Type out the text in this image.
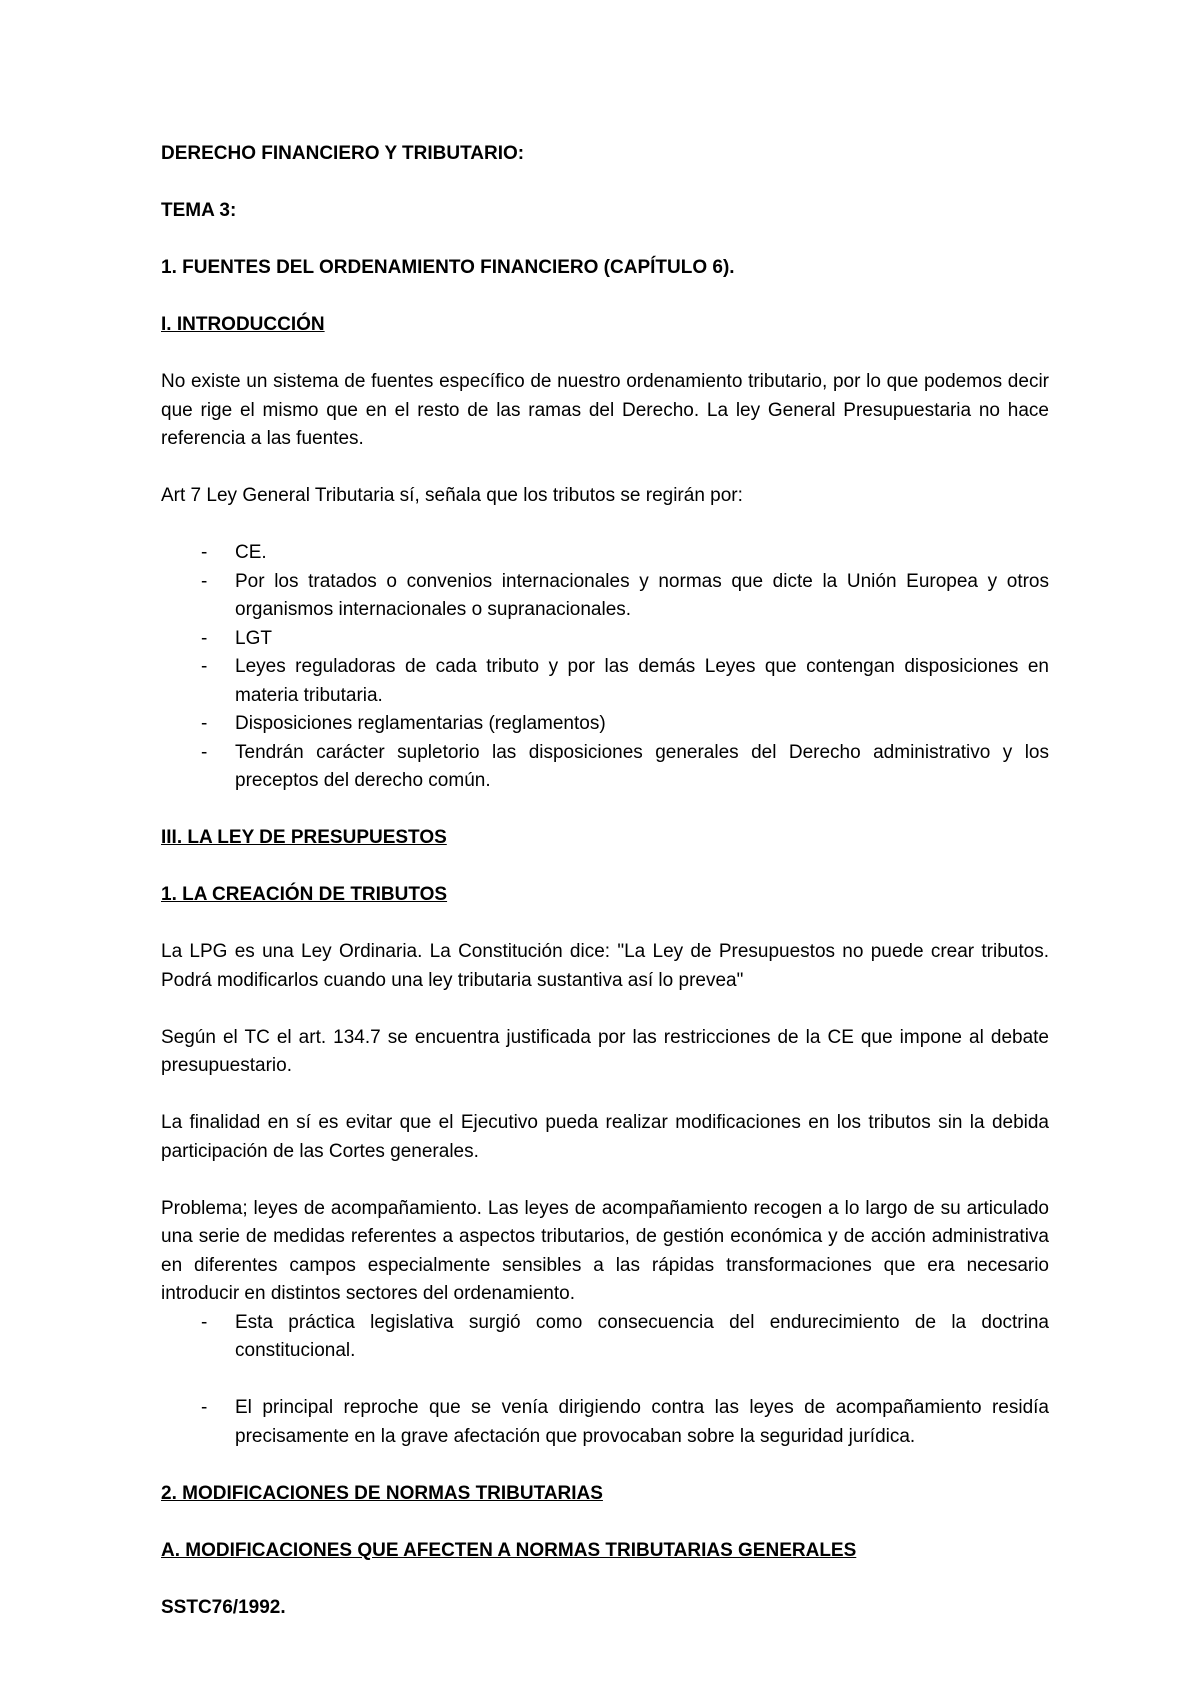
DERECHO FINANCIERO Y TRIBUTARIO:

TEMA 3:

1. FUENTES DEL ORDENAMIENTO FINANCIERO (CAPÍTULO 6).

I. INTRODUCCIÓN

No existe un sistema de fuentes específico de nuestro ordenamiento tributario, por lo que podemos decir que rige el mismo que en el resto de las ramas del Derecho. La ley General Presupuestaria no hace referencia a las fuentes.

Art 7 Ley General Tributaria sí, señala que los tributos se regirán por:

- CE.
- Por los tratados o convenios internacionales y normas que dicte la Unión Europea y otros organismos internacionales o supranacionales.
- LGT
- Leyes reguladoras de cada tributo y por las demás Leyes que contengan disposiciones en materia tributaria.
- Disposiciones reglamentarias (reglamentos)
- Tendrán carácter supletorio las disposiciones generales del Derecho administrativo y los preceptos del derecho común.

III. LA LEY DE PRESUPUESTOS

1. LA CREACIÓN DE TRIBUTOS

La LPG es una Ley Ordinaria. La Constitución dice: "La Ley de Presupuestos no puede crear tributos. Podrá modificarlos cuando una ley tributaria sustantiva así lo prevea"

Según el TC el art. 134.7 se encuentra justificada por las restricciones de la CE que impone al debate presupuestario.

La finalidad en sí es evitar que el Ejecutivo pueda realizar modificaciones en los tributos sin la debida participación de las Cortes generales.

Problema; leyes de acompañamiento. Las leyes de acompañamiento recogen a lo largo de su articulado una serie de medidas referentes a aspectos tributarios, de gestión económica y de acción administrativa en diferentes campos especialmente sensibles a las rápidas transformaciones que era necesario introducir en distintos sectores del ordenamiento.

- Esta práctica legislativa surgió como consecuencia del endurecimiento de la doctrina constitucional.
- El principal reproche que se venía dirigiendo contra las leyes de acompañamiento residía precisamente en la grave afectación que provocaban sobre la seguridad jurídica.

2. MODIFICACIONES DE NORMAS TRIBUTARIAS

A. MODIFICACIONES QUE AFECTEN A NORMAS TRIBUTARIAS GENERALES

SSTC76/1992.
